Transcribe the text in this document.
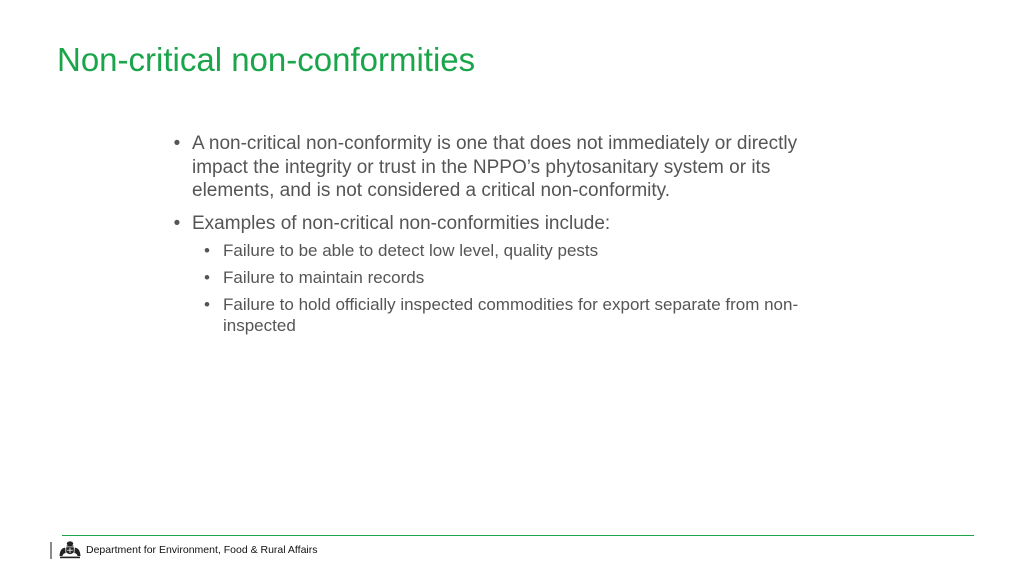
Non-critical non-conformities
• A non-critical non-conformity is one that does not immediately or directly impact the integrity or trust in the NPPO’s phytosanitary system or its elements, and is not considered a critical non-conformity.
• Examples of non-critical non-conformities include:
• Failure to be able to detect low level, quality pests
• Failure to maintain records
• Failure to hold officially inspected commodities for export separate from non-inspected
Department for Environment, Food & Rural Affairs
